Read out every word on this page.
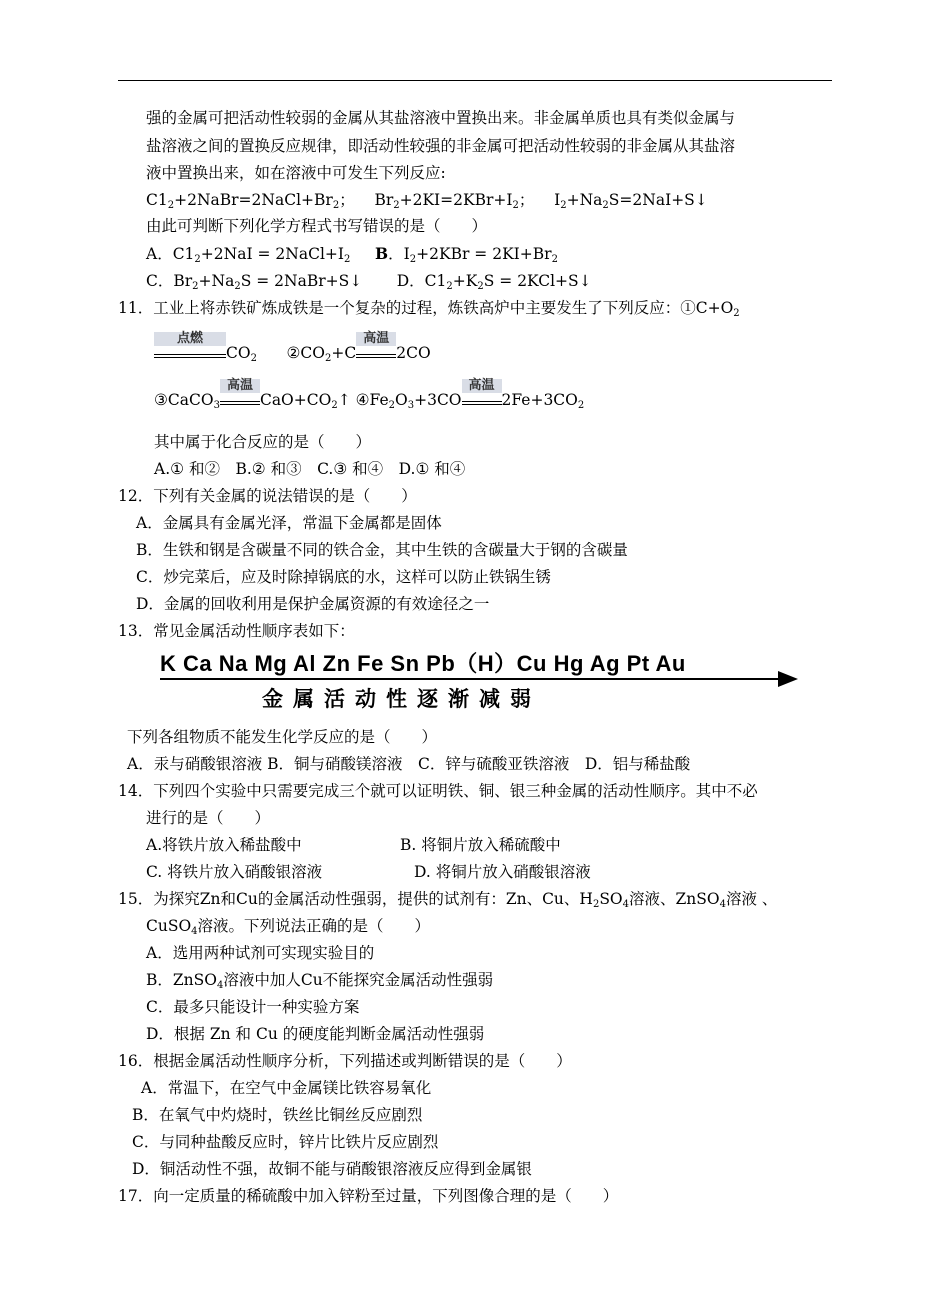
强的金属可把活动性较弱的金属从其盐溶液中置换出来。非金属单质也具有类似金属与
盐溶液之间的置换反应规律，即活动性较强的非金属可把活动性较弱的非金属从其盐溶
液中置换出来，如在溶液中可发生下列反应:
$C1_2+2NaBr=2NaCl+Br_2$； $Br_2+2KI=2KBr+I_2$； $I_2+Na_2S=2NaI+S↓$
由此可判断下列化学方程式书写错误的是（　　）
A．$C1_2+2NaI$ = $2NaCl+I_2$ B．$I_2+2KBr = 2KI+Br_2$
C．$Br_2+Na_2S$ = 2NaBr+S↓ D．$C1_2+K_2S$ = 2KCl+S↓
11．工业上将赤铁矿炼成铁是一个复杂的过程，炼铁高炉中主要发生了下列反应：$①C+O_2$
点燃
$CO_2$ $②CO_2+C$
高温
2CO
③CaCO$_3$
高温
$CaO+CO_2↑$ $④Fe_2O_3+3CO$
高温
$2Fe+3CO_2$
其中属于化合反应的是（　　）
A.① 和②　B.② 和③　C.③ 和④　D.① 和④
12．下列有关金属的说法错误的是（　　）
A．金属具有金属光泽，常温下金属都是固体
B．生铁和钢是含碳量不同的铁合金，其中生铁的含碳量大于钢的含碳量
C．炒完菜后，应及时除掉锅底的水，这样可以防止铁锅生锈
D．金属的回收利用是保护金属资源的有效途径之一
13．常见金属活动性顺序表如下：
K Ca Na Mg Al Zn Fe Sn Pb（H）Cu Hg Ag Pt Au
金属活动性逐渐减弱
下列各组物质不能发生化学反应的是（　　）
A．汞与硝酸银溶液 B．铜与硝酸镁溶液　C．锌与硫酸亚铁溶液　D．铝与稀盐酸
14．下列四个实验中只需要完成三个就可以证明铁、铜、银三种金属的活动性顺序。其中不必
进行的是（　　）
A.将铁片放入稀盐酸中	B. 将铜片放入稀硫酸中
C. 将铁片放入硝酸银溶液	D. 将铜片放入硝酸银溶液
15．为探究Zn和Cu的金属活动性强弱，提供的试剂有：Zn、Cu、$H_2SO_4$溶液、ZnSO$_4$溶液 、
CuSO$_4$溶液。下列说法正确的是（　　）
A．选用两种试剂可实现实验目的
B．ZnSO$_4$溶液中加人Cu不能探究金属活动性强弱
C．最多只能设计一种实验方案
D．根据 Zn 和 Cu 的硬度能判断金属活动性强弱
16．根据金属活动性顺序分析，下列描述或判断错误的是（　　）
A．常温下，在空气中金属镁比铁容易氧化
B．在氧气中灼烧时，铁丝比铜丝反应剧烈
C．与同种盐酸反应时，锌片比铁片反应剧烈
D．铜活动性不强，故铜不能与硝酸银溶液反应得到金属银
17．向一定质量的稀硫酸中加入锌粉至过量，下列图像合理的是（　　）
